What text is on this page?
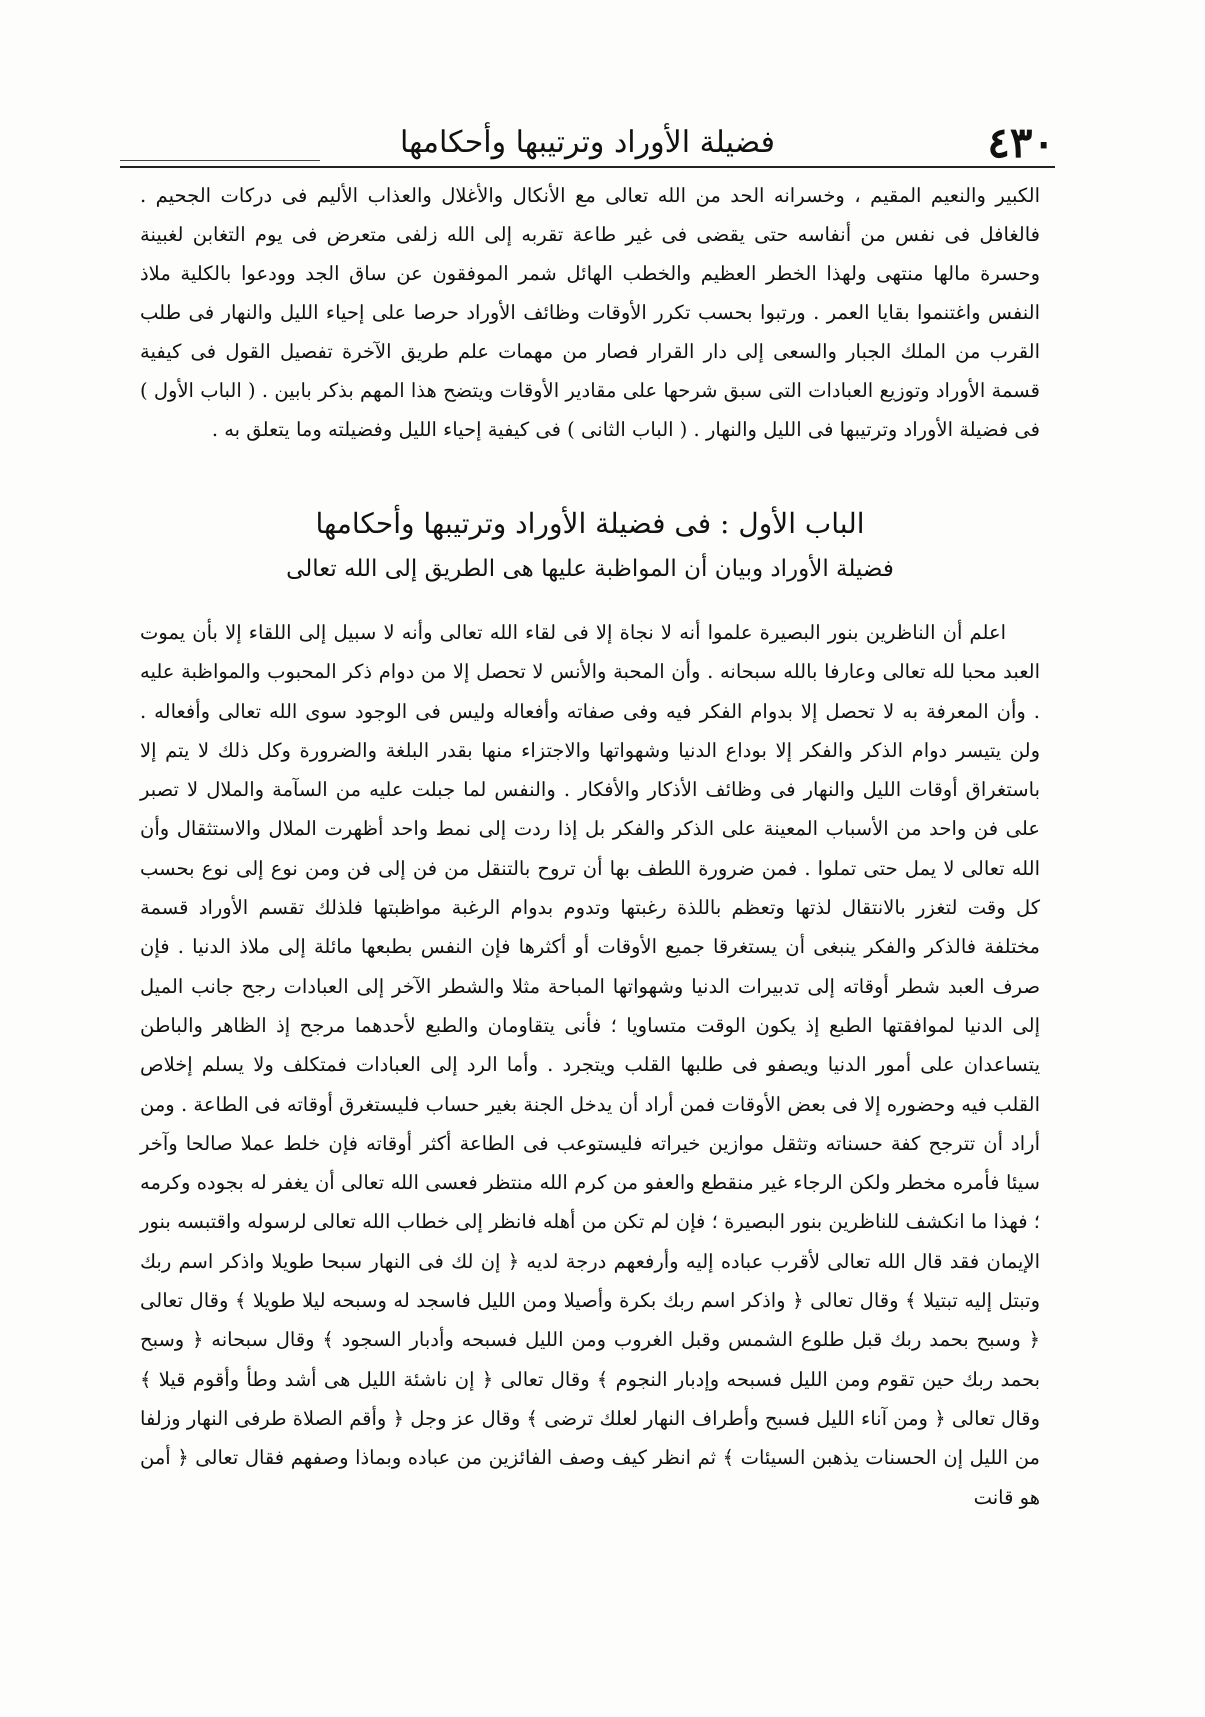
٤٣٠
فضيلة الأوراد وترتيبها وأحكامها

الكبير والنعيم المقيم ، وخسرانه الحد من الله تعالى مع الأنكال والأغلال والعذاب الأليم فى دركات الجحيم . فالغافل فى نفس من أنفاسه حتى يقضى فى غير طاعة تقربه إلى الله زلفى متعرض فى يوم التغابن لغبينة وحسرة مالها منتهى ولهذا الخطر العظيم والخطب الهائل شمر الموفقون عن ساق الجد وودعوا بالكلية ملاذ النفس واغتنموا بقايا العمر . ورتبوا بحسب تكرر الأوقات وظائف الأوراد حرصا على إحياء الليل والنهار فى طلب القرب من الملك الجبار والسعى إلى دار القرار فصار من مهمات علم طريق الآخرة تفصيل القول فى كيفية قسمة الأوراد وتوزيع العبادات التى سبق شرحها على مقادير الأوقات ويتضح هذا المهم بذكر بابين . ( الباب الأول ) فى فضيلة الأوراد وترتيبها فى الليل والنهار . ( الباب الثانى ) فى كيفية إحياء الليل وفضيلته وما يتعلق به .

الباب الأول : فى فضيلة الأوراد وترتيبها وأحكامها
فضيلة الأوراد وبيان أن المواظبة عليها هى الطريق إلى الله تعالى

اعلم أن الناظرين بنور البصيرة علموا أنه لا نجاة إلا فى لقاء الله تعالى وأنه لا سبيل إلى اللقاء إلا بأن يموت العبد محبا لله تعالى وعارفا بالله سبحانه . وأن المحبة والأنس لا تحصل إلا من دوام ذكر المحبوب والمواظبة عليه . وأن المعرفة به لا تحصل إلا بدوام الفكر فيه وفى صفاته وأفعاله وليس فى الوجود سوى الله تعالى وأفعاله . ولن يتيسر دوام الذكر والفكر إلا بوداع الدنيا وشهواتها والاجتزاء منها بقدر البلغة والضرورة وكل ذلك لا يتم إلا باستغراق أوقات الليل والنهار فى وظائف الأذكار والأفكار . والنفس لما جبلت عليه من السآمة والملال لا تصبر على فن واحد من الأسباب المعينة على الذكر والفكر بل إذا ردت إلى نمط واحد أظهرت الملال والاستثقال وأن الله تعالى لا يمل حتى تملوا . فمن ضرورة اللطف بها أن تروح بالتنقل من فن إلى فن ومن نوع إلى نوع بحسب كل وقت لتغزر بالانتقال لذتها وتعظم باللذة رغبتها وتدوم بدوام الرغبة مواظبتها فلذلك تقسم الأوراد قسمة مختلفة فالذكر والفكر ينبغى أن يستغرقا جميع الأوقات أو أكثرها فإن النفس بطبعها مائلة إلى ملاذ الدنيا . فإن صرف العبد شطر أوقاته إلى تدبيرات الدنيا وشهواتها المباحة مثلا والشطر الآخر إلى العبادات رجح جانب الميل إلى الدنيا لموافقتها الطبع إذ يكون الوقت متساويا ؛ فأنى يتقاومان والطبع لأحدهما مرجح إذ الظاهر والباطن يتساعدان على أمور الدنيا ويصفو فى طلبها القلب ويتجرد . وأما الرد إلى العبادات فمتكلف ولا يسلم إخلاص القلب فيه وحضوره إلا فى بعض الأوقات فمن أراد أن يدخل الجنة بغير حساب فليستغرق أوقاته فى الطاعة . ومن أراد أن تترجح كفة حسناته وتثقل موازين خيراته فليستوعب فى الطاعة أكثر أوقاته فإن خلط عملا صالحا وآخر سيئا فأمره مخطر ولكن الرجاء غير منقطع والعفو من كرم الله منتظر فعسى الله تعالى أن يغفر له بجوده وكرمه ؛ فهذا ما انكشف للناظرين بنور البصيرة ؛ فإن لم تكن من أهله فانظر إلى خطاب الله تعالى لرسوله واقتبسه بنور الإيمان فقد قال الله تعالى لأقرب عباده إليه وأرفعهم درجة لديه ﴿ إن لك فى النهار سبحا طويلا واذكر اسم ربك وتبتل إليه تبتيلا ﴾ وقال تعالى ﴿ واذكر اسم ربك بكرة وأصيلا ومن الليل فاسجد له وسبحه ليلا طويلا ﴾ وقال تعالى ﴿ وسبح بحمد ربك قبل طلوع الشمس وقبل الغروب ومن الليل فسبحه وأدبار السجود ﴾ وقال سبحانه ﴿ وسبح بحمد ربك حين تقوم ومن الليل فسبحه وإدبار النجوم ﴾ وقال تعالى ﴿ إن ناشئة الليل هى أشد وطأ وأقوم قيلا ﴾ وقال تعالى ﴿ ومن آناء الليل فسبح وأطراف النهار لعلك ترضى ﴾ وقال عز وجل ﴿ وأقم الصلاة طرفى النهار وزلفا من الليل إن الحسنات يذهبن السيئات ﴾ ثم انظر كيف وصف الفائزين من عباده وبماذا وصفهم فقال تعالى ﴿ أمن هو قانت
